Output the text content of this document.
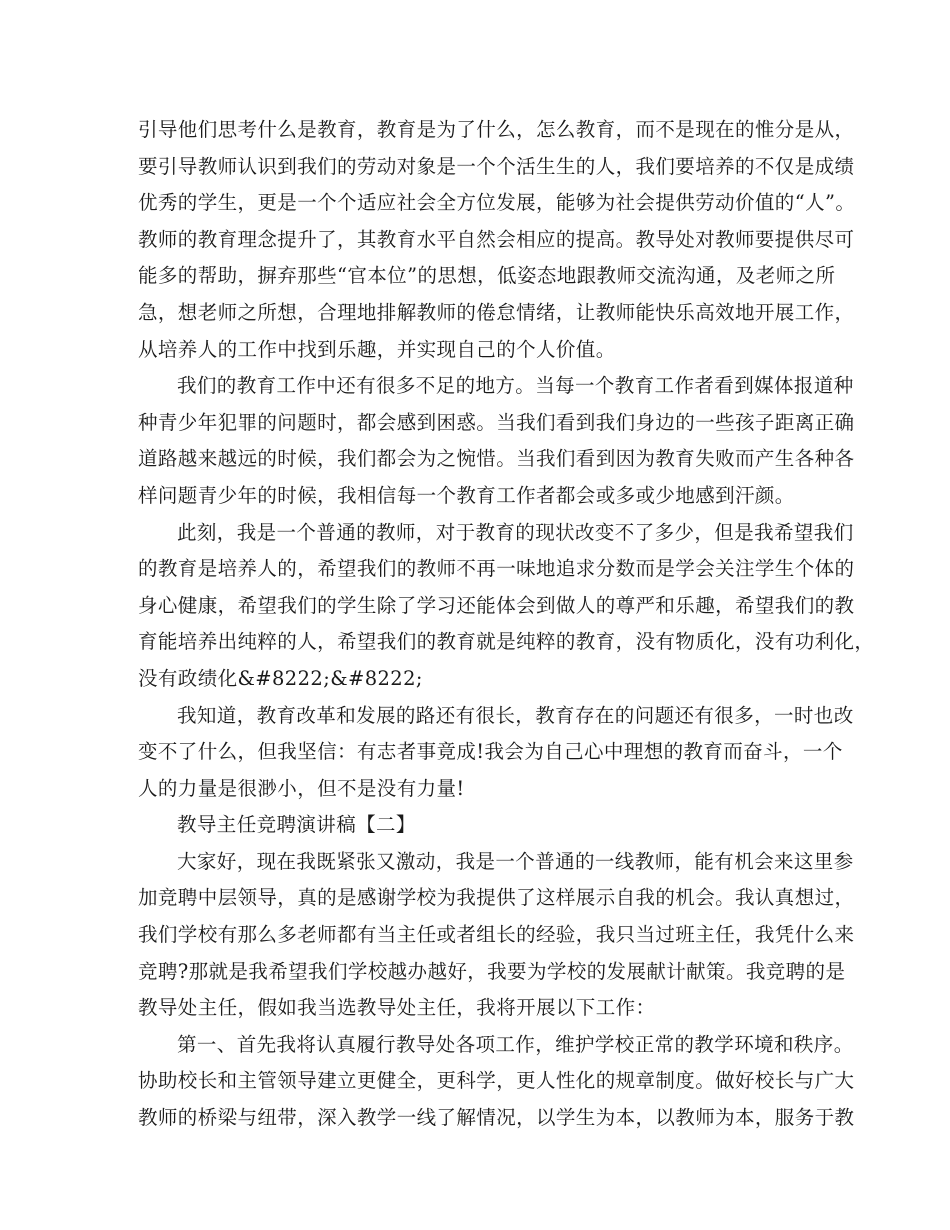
引导他们思考什么是教育，教育是为了什么，怎么教育，而不是现在的惟分是从，
要引导教师认识到我们的劳动对象是一个个活生生的人，我们要培养的不仅是成绩
优秀的学生，更是一个个适应社会全方位发展，能够为社会提供劳动价值的“人”。
教师的教育理念提升了，其教育水平自然会相应的提高。教导处对教师要提供尽可
能多的帮助，摒弃那些“官本位”的思想，低姿态地跟教师交流沟通，及老师之所
急，想老师之所想，合理地排解教师的倦怠情绪，让教师能快乐高效地开展工作，
从培养人的工作中找到乐趣，并实现自己的个人价值。
我们的教育工作中还有很多不足的地方。当每一个教育工作者看到媒体报道种
种青少年犯罪的问题时，都会感到困惑。当我们看到我们身边的一些孩子距离正确
道路越来越远的时候，我们都会为之惋惜。当我们看到因为教育失败而产生各种各
样问题青少年的时候，我相信每一个教育工作者都会或多或少地感到汗颜。
此刻，我是一个普通的教师，对于教育的现状改变不了多少，但是我希望我们
的教育是培养人的，希望我们的教师不再一味地追求分数而是学会关注学生个体的
身心健康，希望我们的学生除了学习还能体会到做人的尊严和乐趣，希望我们的教
育能培养出纯粹的人，希望我们的教育就是纯粹的教育，没有物质化，没有功利化，
没有政绩化&#8222;&#8222;
我知道，教育改革和发展的路还有很长，教育存在的问题还有很多，一时也改
变不了什么，但我坚信：有志者事竟成!我会为自己心中理想的教育而奋斗，一个
人的力量是很渺小，但不是没有力量!
教导主任竞聘演讲稿【二】
大家好，现在我既紧张又激动，我是一个普通的一线教师，能有机会来这里参
加竞聘中层领导，真的是感谢学校为我提供了这样展示自我的机会。我认真想过，
我们学校有那么多老师都有当主任或者组长的经验，我只当过班主任，我凭什么来
竞聘?那就是我希望我们学校越办越好，我要为学校的发展献计献策。我竞聘的是
教导处主任，假如我当选教导处主任，我将开展以下工作：
第一、首先我将认真履行教导处各项工作，维护学校正常的教学环境和秩序。
协助校长和主管领导建立更健全，更科学，更人性化的规章制度。做好校长与广大
教师的桥梁与纽带，深入教学一线了解情况，以学生为本，以教师为本，服务于教
